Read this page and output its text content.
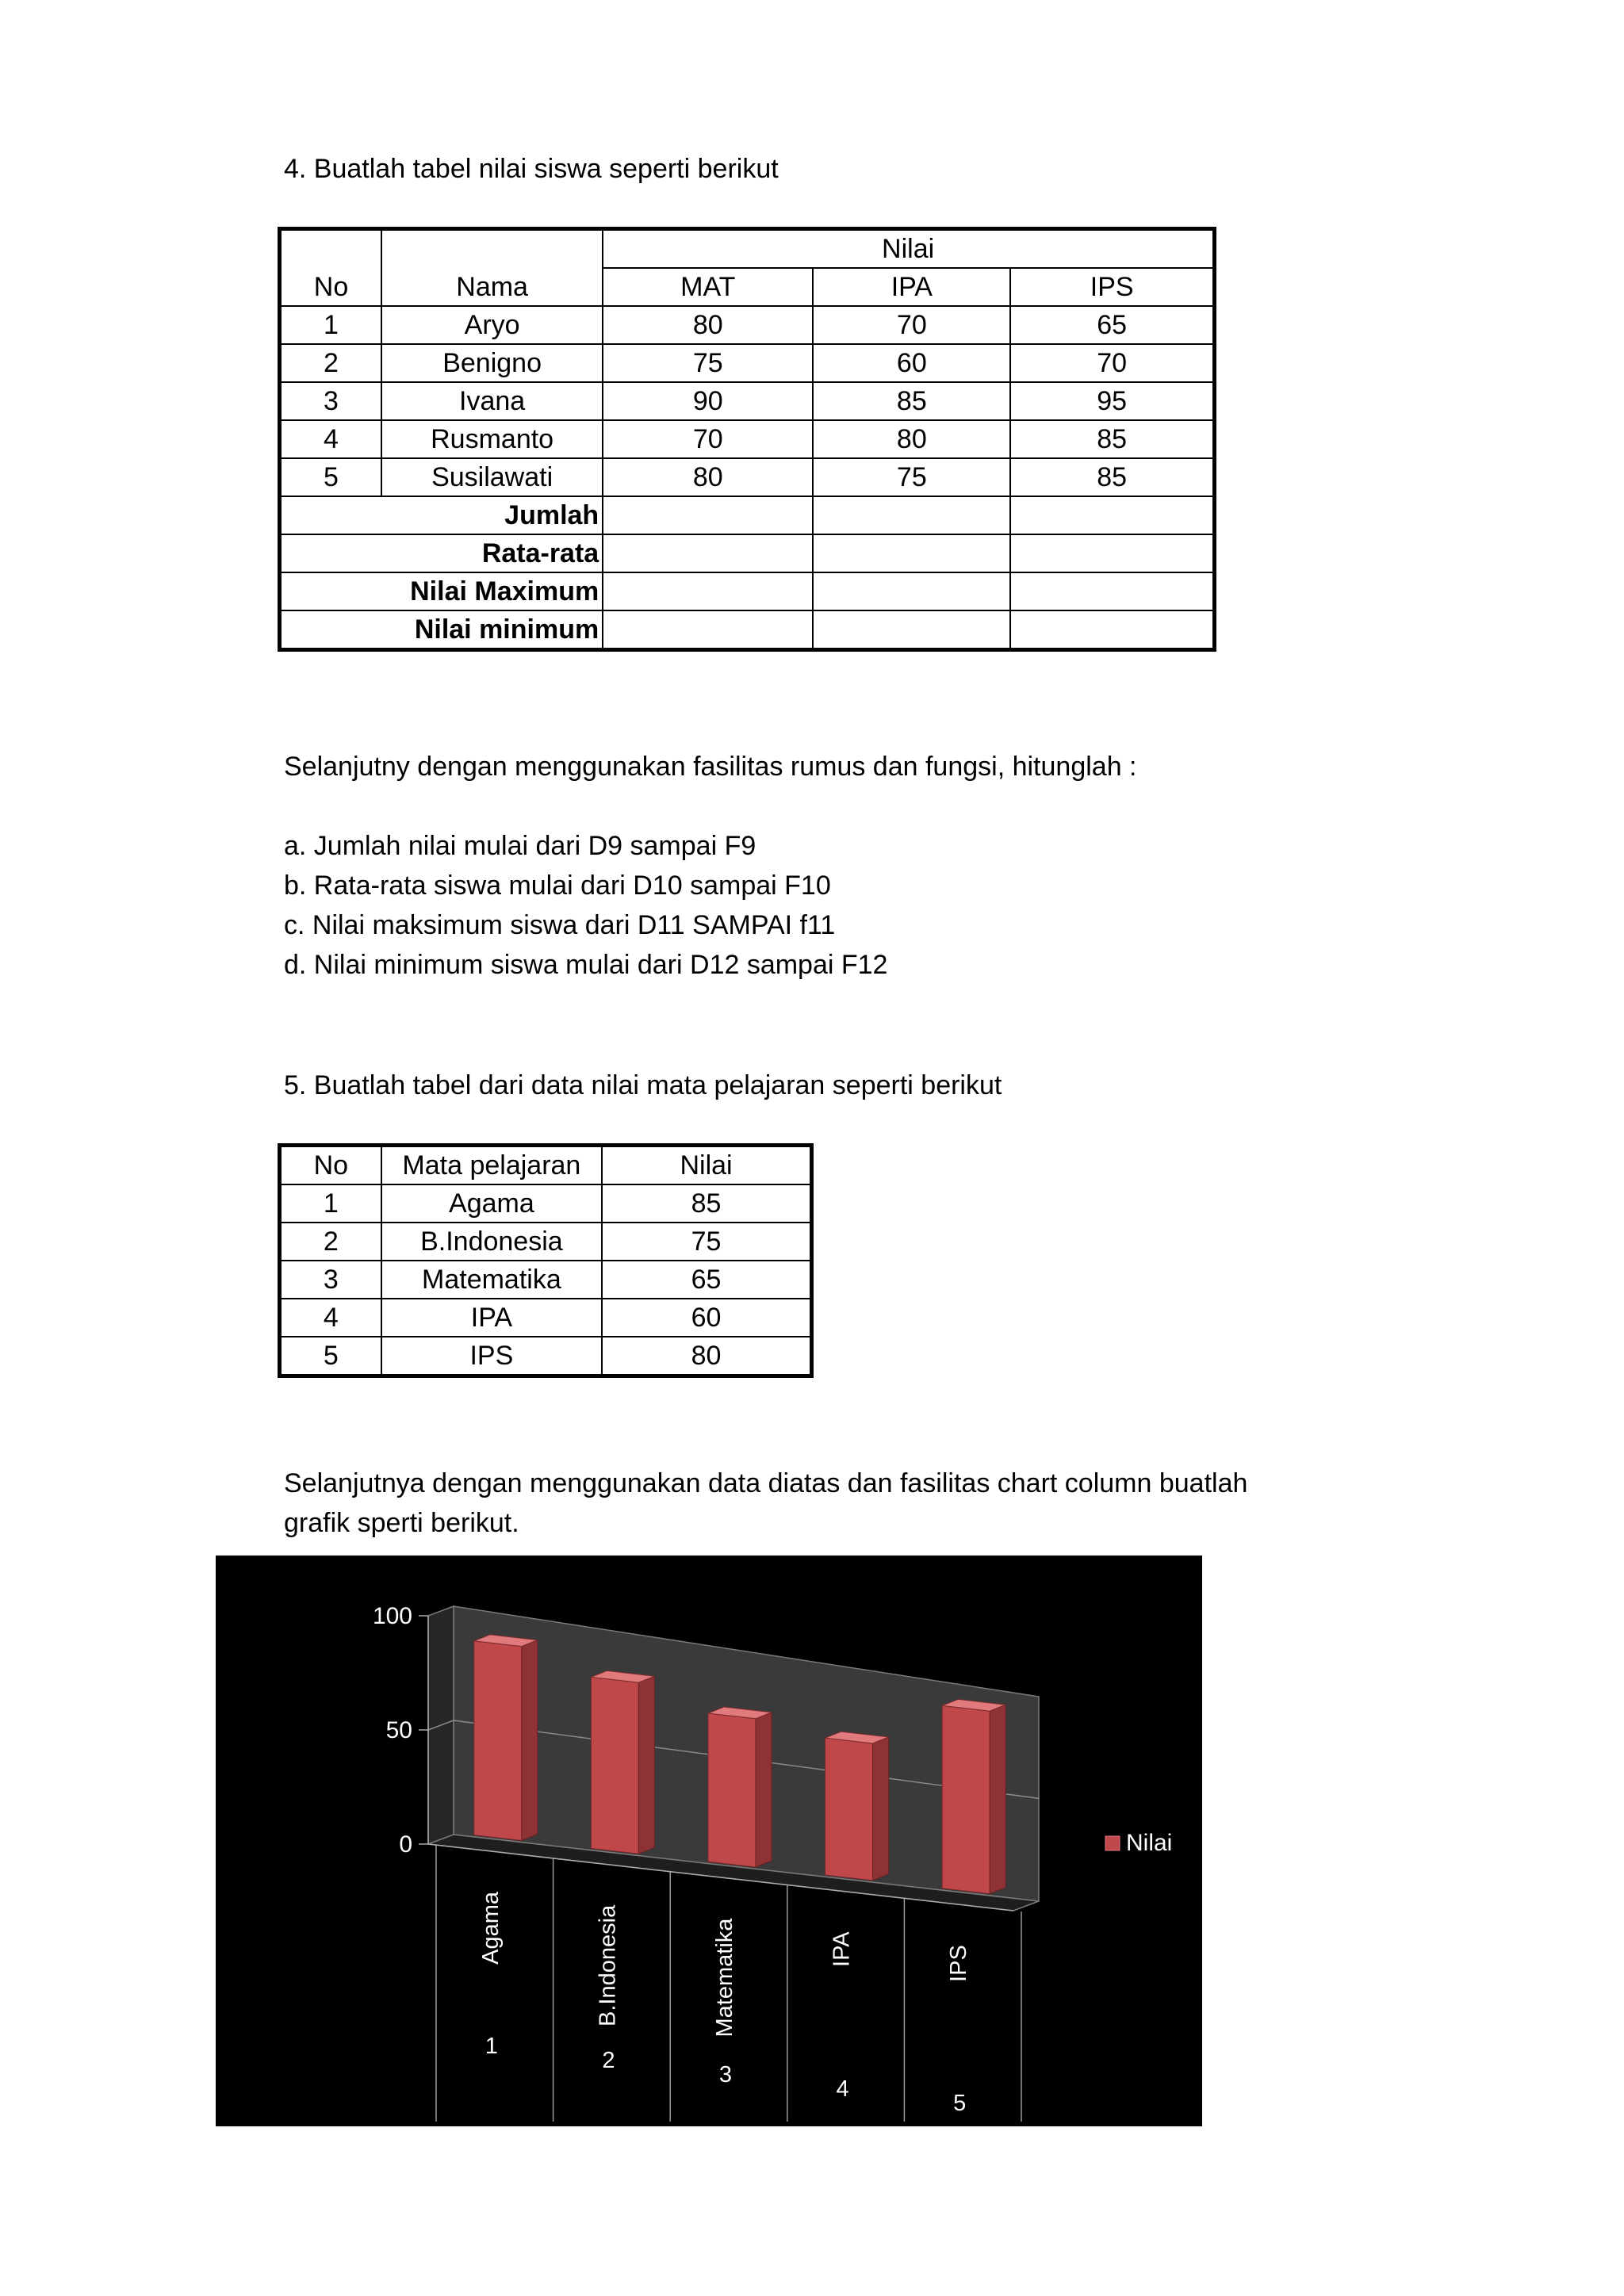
4. Buatlah tabel nilai siswa seperti berikut
		Nilai		
No	Nama	MAT	IPA	IPS
1	Aryo	80	70	65
2	Benigno	75	60	70
3	Ivana	90	85	95
4	Rusmanto	70	80	85
5	Susilawati	80	75	85
Jumlah				
Rata-rata				
Nilai Maximum				
Nilai minimum				
Selanjutny dengan menggunakan fasilitas rumus dan fungsi, hitunglah :
a. Jumlah nilai mulai dari D9 sampai F9
b. Rata-rata siswa mulai dari D10 sampai F10
c. Nilai maksimum siswa dari D11 SAMPAI f11
d. Nilai minimum siswa mulai dari D12 sampai F12
5. Buatlah tabel dari data nilai mata pelajaran seperti berikut
No	Mata pelajaran	Nilai
1	Agama	85
2	B.Indonesia	75
3	Matematika	65
4	IPA	60
5	IPS	80
Selanjutnya dengan menggunakan data diatas dan fasilitas chart column buatlah grafik sperti berikut.
0
50
100
Agama
1
B.Indonesia
2
Matematika
3
IPA
4
IPS
5
Nilai
